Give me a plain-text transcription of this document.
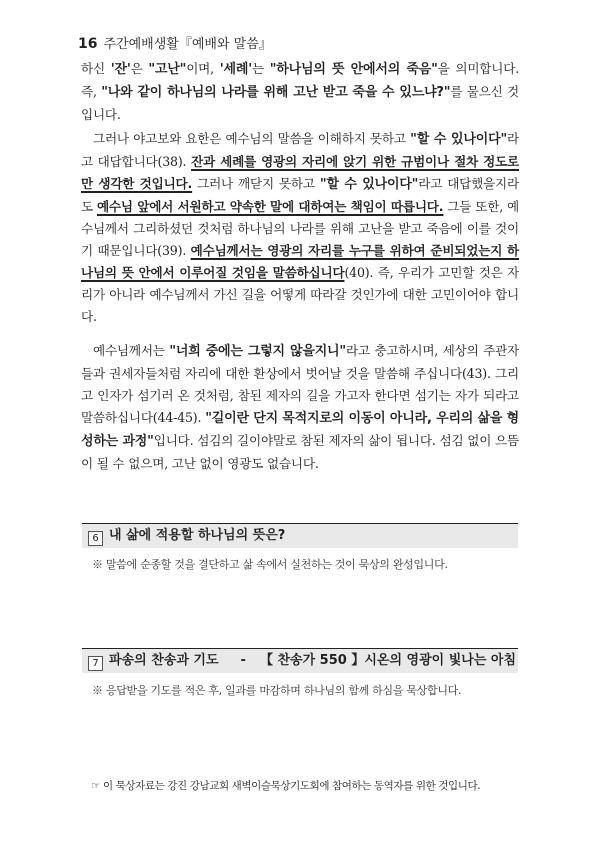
16 주간예배생활『예배와 말씀』
하신 '잔'은 "고난"이며, '세례'는 "하나님의 뜻 안에서의 죽음"을 의미합니다. 즉, "나와 같이 하나님의 나라를 위해 고난 받고 죽을 수 있느냐?"를 물으신 것입니다.
그러나 야고보와 요한은 예수님의 말씀을 이해하지 못하고 "할 수 있나이다"라고 대답합니다(38). 잔과 세례를 영광의 자리에 앉기 위한 규범이나 절차 정도로만 생각한 것입니다. 그러나 깨닫지 못하고 "할 수 있나이다"라고 대답했을지라도 예수님 앞에서 서원하고 약속한 말에 대하여는 책임이 따릅니다. 그들 또한, 예수님께서 그리하셨던 것처럼 하나님의 나라를 위해 고난을 받고 죽음에 이를 것이기 때문입니다(39). 예수님께서는 영광의 자리를 누구를 위하여 준비되었는지 하나님의 뜻 안에서 이루어질 것임을 말씀하십니다(40). 즉, 우리가 고민할 것은 자리가 아니라 예수님께서 가신 길을 어떻게 따라갈 것인가에 대한 고민이어야 합니다.
예수님께서는 "너희 중에는 그렇지 않을지니"라고 충고하시며, 세상의 주관자들과 권세자들처럼 자리에 대한 환상에서 벗어날 것을 말씀해 주십니다(43). 그리고 인자가 섬기러 온 것처럼, 참된 제자의 길을 가고자 한다면 섬기는 자가 되라고 말씀하십니다(44-45). "길이란 단지 목적지로의 이동이 아니라, 우리의 삶을 형성하는 과정"입니다. 섬김의 길이야말로 참된 제자의 삶이 됩니다. 섬김 없이 으뜸이 될 수 없으며, 고난 없이 영광도 없습니다.
6 내 삶에 적용할 하나님의 뜻은?
※ 말씀에 순종할 것을 결단하고 삶 속에서 실천하는 것이 묵상의 완성입니다.
7 파송의 찬송과 기도 - 【 찬송가 550 】시온의 영광이 빛나는 아침
※ 응답받을 기도를 적은 후, 일과를 마감하며 하나님의 함께 하심을 묵상합니다.
☞ 이 묵상자료는 강진 강남교회 새벽이슬묵상기도회에 참여하는 동역자를 위한 것입니다.
